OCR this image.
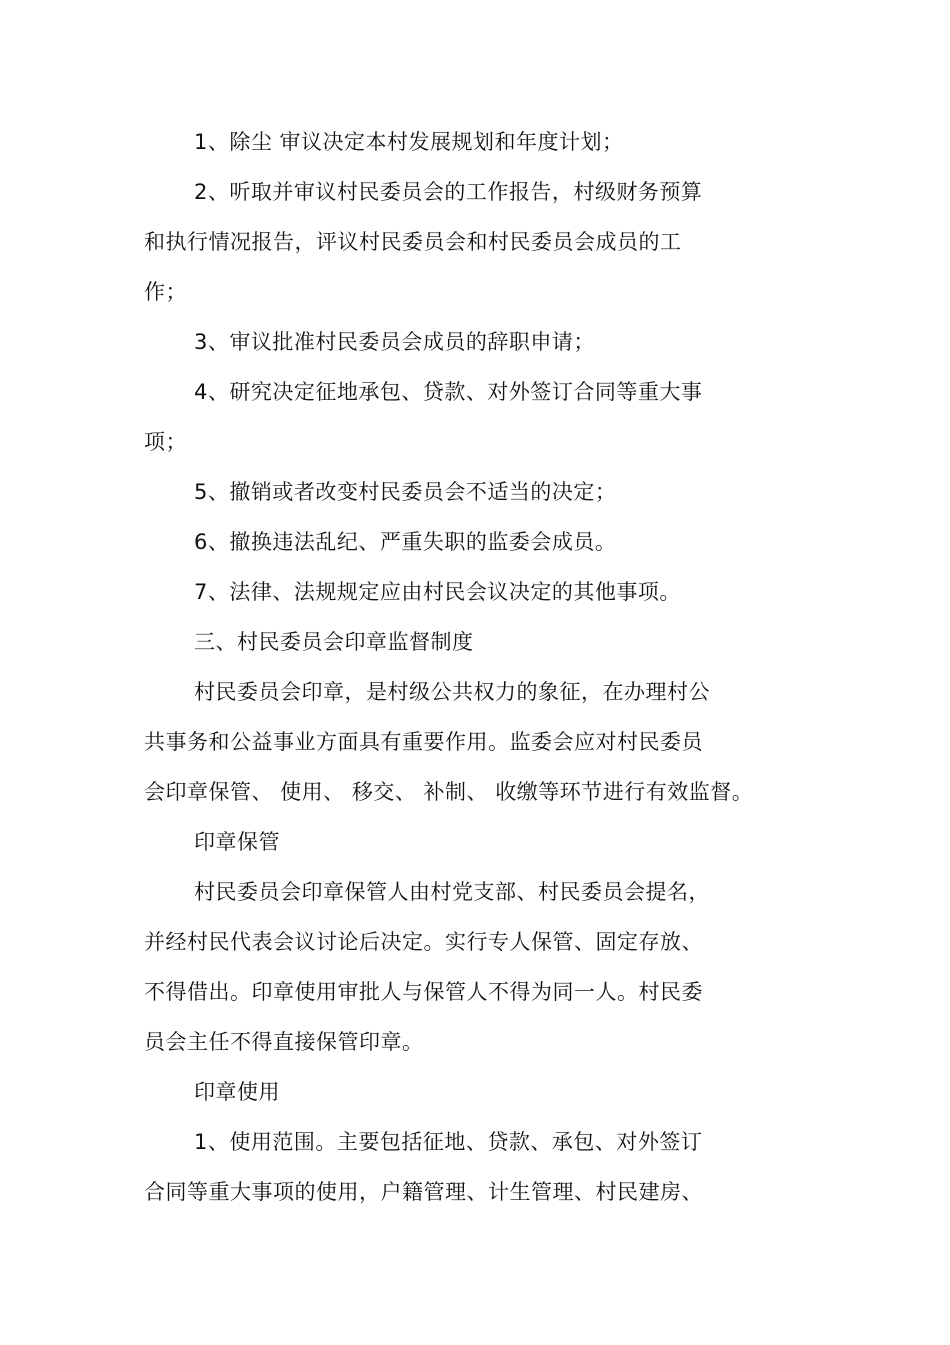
1、除尘 审议决定本村发展规划和年度计划；
2、听取并审议村民委员会的工作报告，村级财务预算
和执行情况报告，评议村民委员会和村民委员会成员的工
作；
3、审议批准村民委员会成员的辞职申请；
4、研究决定征地承包、贷款、对外签订合同等重大事
项；
5、撤销或者改变村民委员会不适当的决定；
6、撤换违法乱纪、严重失职的监委会成员。
7、法律、法规规定应由村民会议决定的其他事项。
三、村民委员会印章监督制度
村民委员会印章，是村级公共权力的象征，在办理村公
共事务和公益事业方面具有重要作用。监委会应对村民委员
会印章保管、 使用、 移交、 补制、 收缴等环节进行有效监督。
印章保管
村民委员会印章保管人由村党支部、村民委员会提名，
并经村民代表会议讨论后决定。实行专人保管、固定存放、
不得借出。印章使用审批人与保管人不得为同一人。村民委
员会主任不得直接保管印章。
印章使用
1、使用范围。主要包括征地、贷款、承包、对外签订
合同等重大事项的使用，户籍管理、计生管理、村民建房、
